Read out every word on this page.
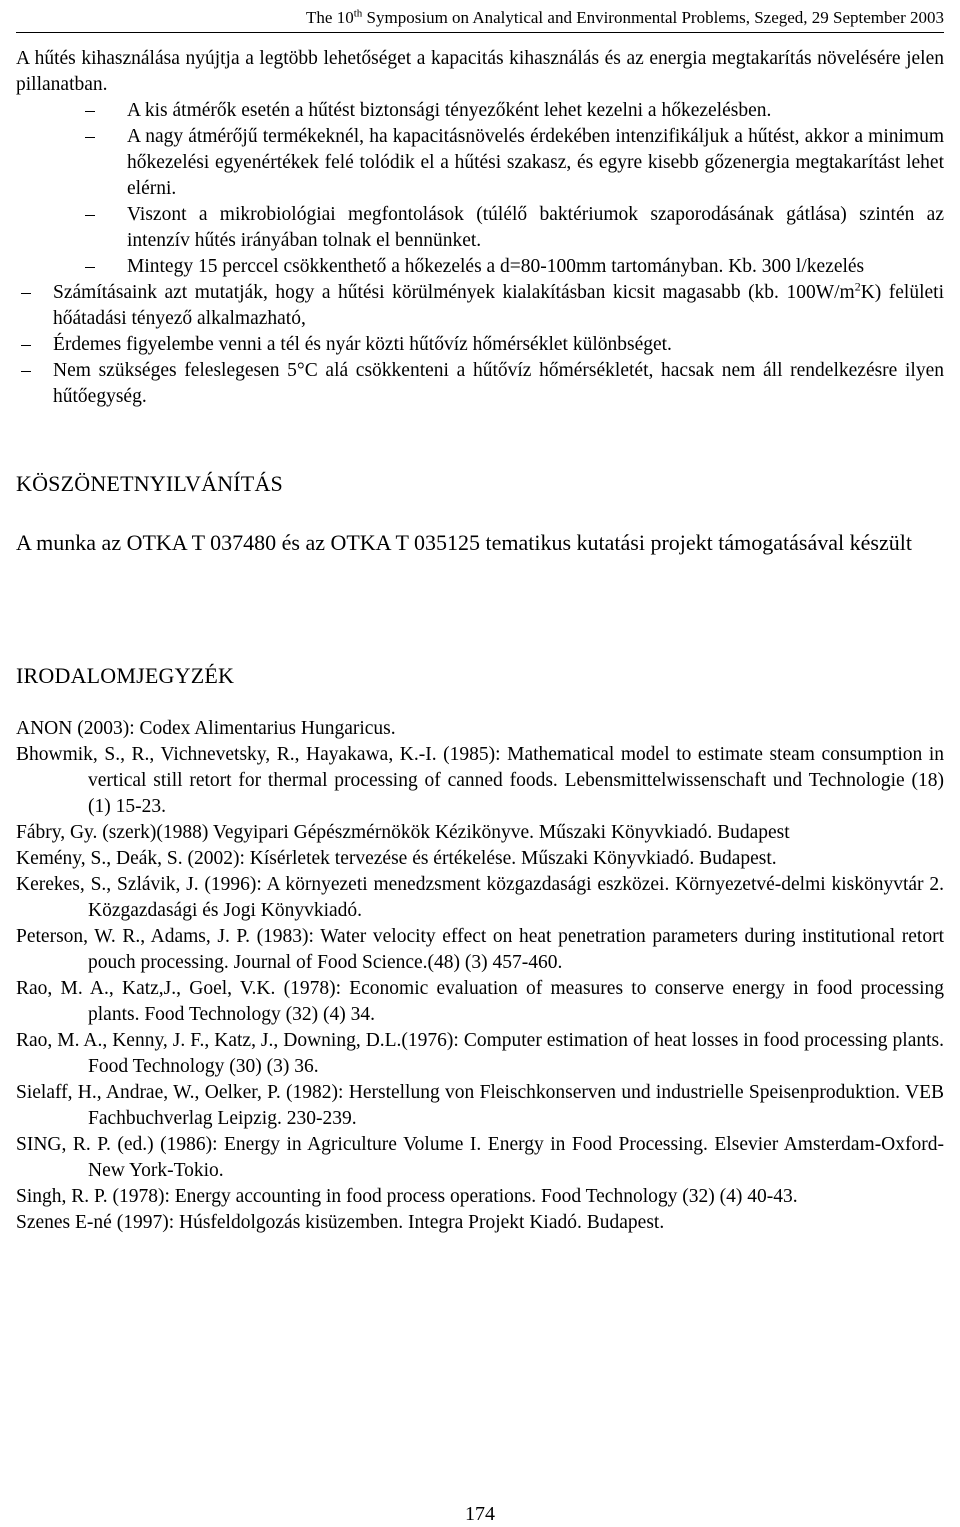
The 10th Symposium on Analytical and Environmental Problems, Szeged, 29 September 2003

A hűtés kihasználása nyújtja a legtöbb lehetőséget a kapacitás kihasználás és az energia megtakarítás növelésére jelen pillanatban.

– A kis átmérők esetén a hűtést biztonsági tényezőként lehet kezelni a hőkezelésben.
– A nagy átmérőjű termékeknél, ha kapacitásnövelés érdekében intenzifikáljuk a hűtést, akkor a minimum hőkezelési egyenértékek felé tolódik el a hűtési szakasz, és egyre kisebb gőzenergia megtakarítást lehet elérni.
– Viszont a mikrobiológiai megfontolások (túlélő baktériumok szaporodásának gátlása) szintén az intenzív hűtés irányában tolnak el bennünket.
– Mintegy 15 perccel csökkenthető a hőkezelés a d=80-100mm tartományban. Kb. 300 l/kezelés
– Számításaink azt mutatják, hogy a hűtési körülmények kialakításban kicsit magasabb (kb. $100W/m^2K$) felületi hőátadási tényező alkalmazható,
– Érdemes figyelembe venni a tél és nyár közti hűtővíz hőmérséklet különbséget.
– Nem szükséges feleslegesen 5°C alá csökkenteni a hűtővíz hőmérsékletét, hacsak nem áll rendelkezésre ilyen hűtőegység.
KÖSZÖNETNYILVÁNÍTÁS

A munka az OTKA T 037480 és az OTKA T 035125 tematikus kutatási projekt támogatásával készült

IRODALOMJEGYZÉK

ANON (2003): Codex Alimentarius Hungaricus.

Bhowmik, S., R., Vichnevetsky, R., Hayakawa, K.-I. (1985): Mathematical model to estimate steam consumption in vertical still retort for thermal processing of canned foods. Lebensmittelwissenschaft und Technologie (18) (1) 15-23.

Fábry, Gy. (szerk)(1988) Vegyipari Gépészmérnökök Kézikönyve. Műszaki Könyvkiadó. Budapest

Kemény, S., Deák, S. (2002): Kísérletek tervezése és értékelése. Műszaki Könyvkiadó. Budapest.

Kerekes, S., Szlávik, J. (1996): A környezeti menedzsment közgazdasági eszközei. Környezetvé-delmi kiskönyvtár 2. Közgazdasági és Jogi Könyvkiadó.

Peterson, W. R., Adams, J. P. (1983): Water velocity effect on heat penetration parameters during institutional retort pouch processing. Journal of Food Science.(48) (3) 457-460.

Rao, M. A., Katz,J., Goel, V.K. (1978): Economic evaluation of measures to conserve energy in food processing plants. Food Technology (32) (4) 34.

Rao, M. A., Kenny, J. F., Katz, J., Downing, D.L.(1976): Computer estimation of heat losses in food processing plants. Food Technology (30) (3) 36.

Sielaff, H., Andrae, W., Oelker, P. (1982): Herstellung von Fleischkonserven und industrielle Speisenproduktion. VEB Fachbuchverlag Leipzig. 230-239.

SING, R. P. (ed.) (1986): Energy in Agriculture Volume I. Energy in Food Processing. Elsevier Amsterdam-Oxford-New York-Tokio.

Singh, R. P. (1978): Energy accounting in food process operations. Food Technology (32) (4) 40-43.

Szenes E-né (1997): Húsfeldolgozás kisüzemben. Integra Projekt Kiadó. Budapest.

174
